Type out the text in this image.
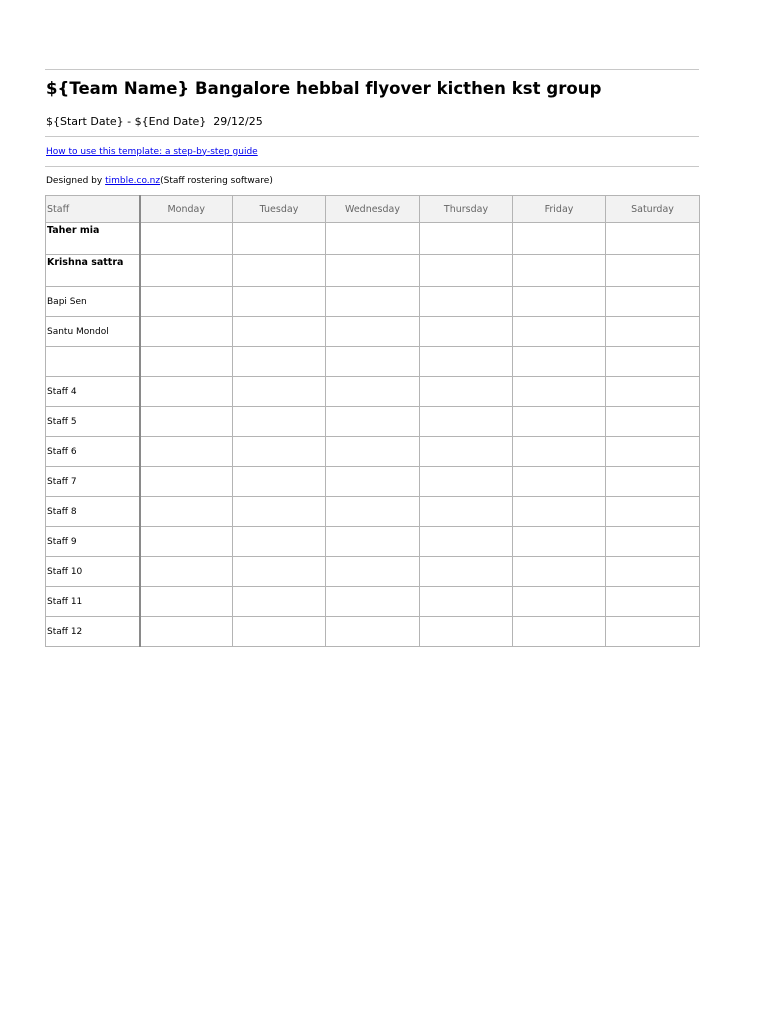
${Team Name} Bangalore hebbal flyover kicthen kst group
${Start Date} - ${End Date}  29/12/25
How to use this template: a step-by-step guide
Designed by timble.co.nz (Staff rostering software)
Staff	Monday	Tuesday	Wednesday	Thursday	Friday	Saturday
Taher mia						
Krishna sattra						
Bapi Sen						
Santu Mondol						

Staff 4						
Staff 5						
Staff 6						
Staff 7						
Staff 8						
Staff 9						
Staff 10						
Staff 11						
Staff 12						
